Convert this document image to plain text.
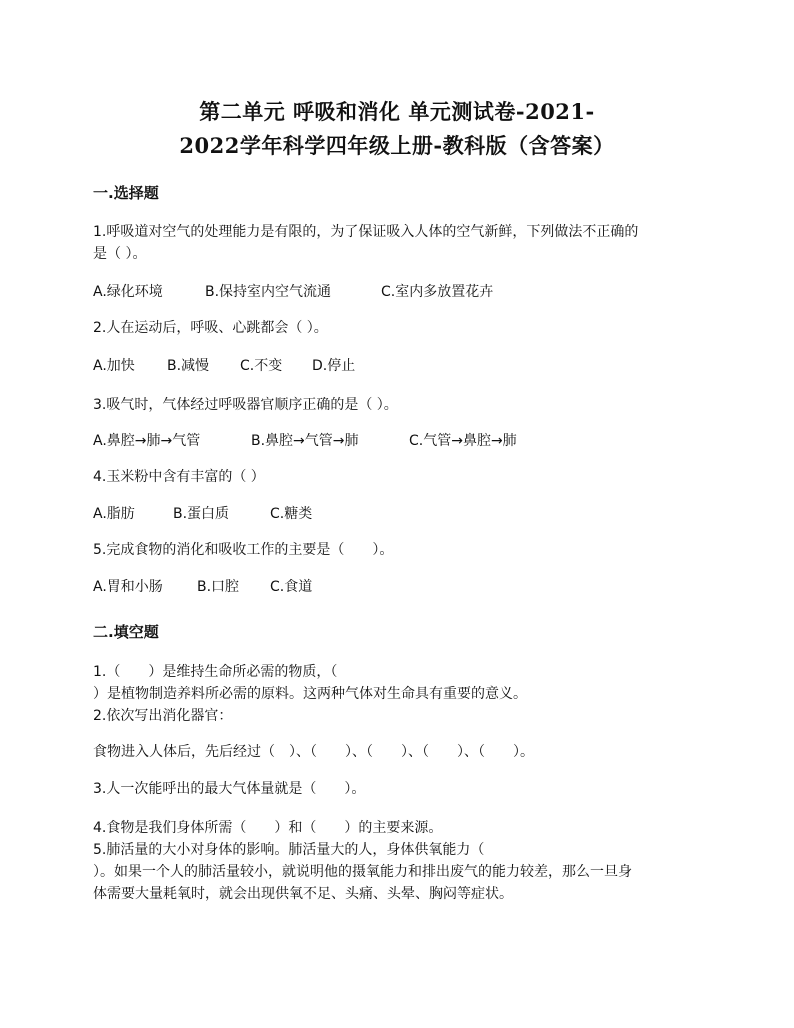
第二单元 呼吸和消化 单元测试卷-2021-
2022学年科学四年级上册-教科版（含答案）
一.选择题
1.呼吸道对空气的处理能力是有限的，为了保证吸入人体的空气新鲜，下列做法不正确的
是（ ）。
A.绿化环境	B.保持室内空气流通	C.室内多放置花卉
2.人在运动后，呼吸、心跳都会（ ）。
A.加快 B.减慢 C.不变 D.停止
3.吸气时，气体经过呼吸器官顺序正确的是（ ）。
A.鼻腔→肺→气管	B.鼻腔→气管→肺	C.气管→鼻腔→肺
4.玉米粉中含有丰富的（ ）
A.脂肪	B.蛋白质	C.糖类
5.完成食物的消化和吸收工作的主要是（　　）。
A.胃和小肠 B.口腔 C.食道
二.填空题
1.（　　）是维持生命所必需的物质，（
）是植物制造养料所必需的原料。这两种气体对生命具有重要的意义。
2.依次写出消化器官：
食物进入人体后，先后经过（　）、（　　）、（　　）、（　　）、（　　）。
3.人一次能呼出的最大气体量就是（　　）。
4.食物是我们身体所需（　　）和（　　）的主要来源。
5.肺活量的大小对身体的影响。肺活量大的人，身体供氧能力（
）。如果一个人的肺活量较小，就说明他的摄氧能力和排出废气的能力较差，那么一旦身
体需要大量耗氧时，就会出现供氧不足、头痛、头晕、胸闷等症状。
